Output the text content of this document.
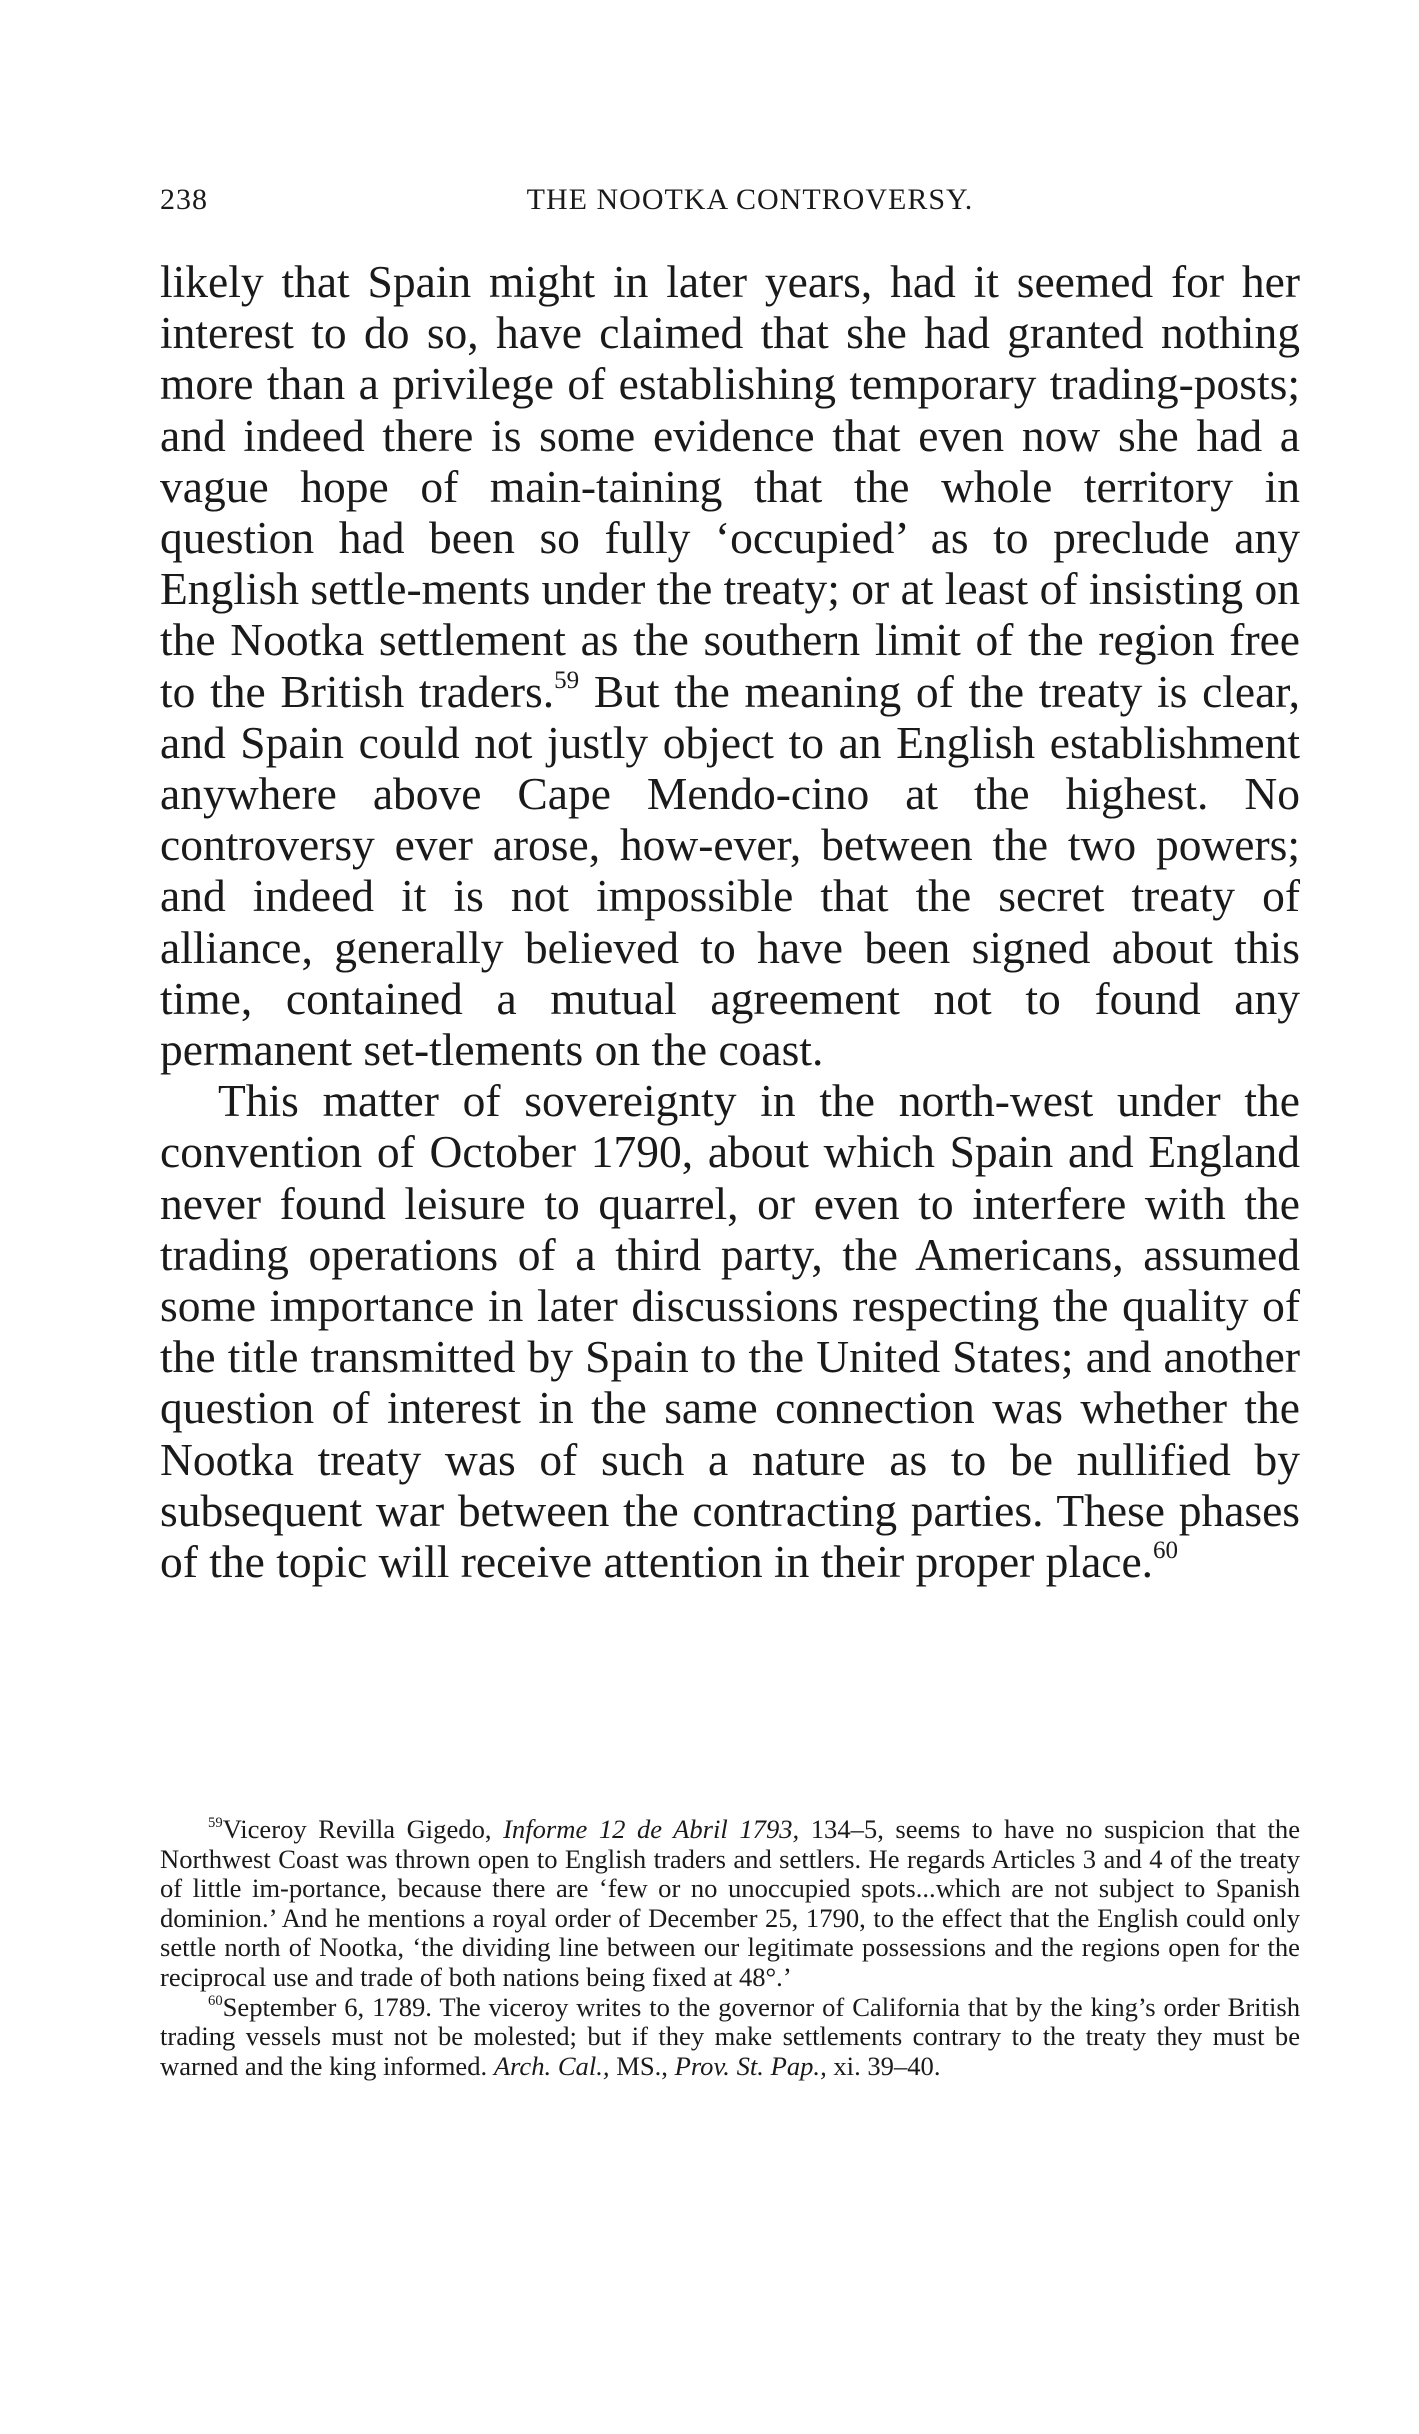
238	THE NOOTKA CONTROVERSY.

likely that Spain might in later years, had it seemed for her interest to do so, have claimed that she had granted nothing more than a privilege of establishing temporary trading-posts; and indeed there is some evidence that even now she had a vague hope of main-taining that the whole territory in question had been so fully ‘occupied’ as to preclude any English settle-ments under the treaty; or at least of insisting on the Nootka settlement as the southern limit of the region free to the British traders.$^{59}$ But the meaning of the treaty is clear, and Spain could not justly object to an English establishment anywhere above Cape Mendo-cino at the highest. No controversy ever arose, how-ever, between the two powers; and indeed it is not impossible that the secret treaty of alliance, generally believed to have been signed about this time, contained a mutual agreement not to found any permanent set-tlements on the coast.

This matter of sovereignty in the north-west under the convention of October 1790, about which Spain and England never found leisure to quarrel, or even to interfere with the trading operations of a third party, the Americans, assumed some importance in later discussions respecting the quality of the title transmitted by Spain to the United States; and another question of interest in the same connection was whether the Nootka treaty was of such a nature as to be nullified by subsequent war between the contracting parties. These phases of the topic will receive attention in their proper place.$^{60}$

$^{59}$Viceroy Revilla Gigedo, Informe 12 de Abril 1793, 134–5, seems to have no suspicion that the Northwest Coast was thrown open to English traders and settlers. He regards Articles 3 and 4 of the treaty of little im-portance, because there are ‘few or no unoccupied spots...which are not subject to Spanish dominion.’ And he mentions a royal order of December 25, 1790, to the effect that the English could only settle north of Nootka, ‘the dividing line between our legitimate possessions and the regions open for the reciprocal use and trade of both nations being fixed at 48°.’

$^{60}$September 6, 1789. The viceroy writes to the governor of California that by the king’s order British trading vessels must not be molested; but if they make settlements contrary to the treaty they must be warned and the king informed. Arch. Cal., MS., Prov. St. Pap., xi. 39–40.
